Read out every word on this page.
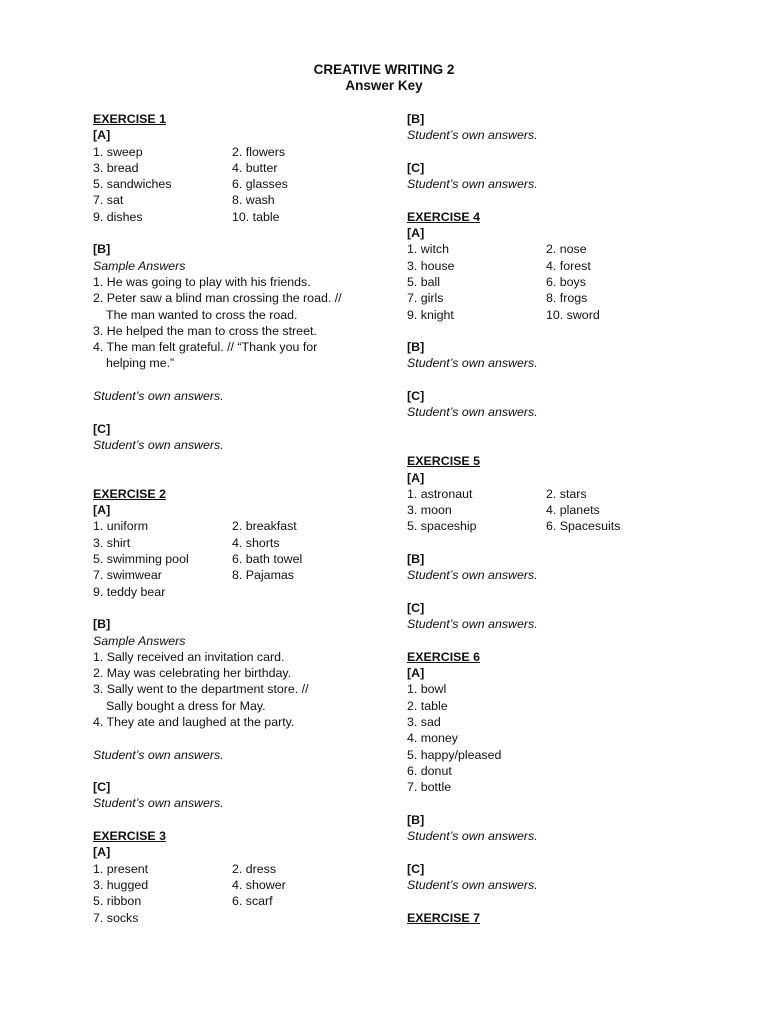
CREATIVE WRITING 2
Answer Key
EXERCISE 1
[A]
1. sweep	2. flowers
3. bread	4. butter
5. sandwiches	6. glasses
7. sat	8. wash
9. dishes	10. table
[B]
Sample Answers
1. He was going to play with his friends.
2. Peter saw a blind man crossing the road. //
The man wanted to cross the road.
3. He helped the man to cross the street.
4. The man felt grateful. // “Thank you for
helping me.”
Student’s own answers.
[C]
Student’s own answers.
EXERCISE 2
[A]
1. uniform	2. breakfast
3. shirt	4. shorts
5. swimming pool	6. bath towel
7. swimwear	8. Pajamas
9. teddy bear
[B]
Sample Answers
1. Sally received an invitation card.
2. May was celebrating her birthday.
3. Sally went to the department store. //
Sally bought a dress for May.
4. They ate and laughed at the party.
Student’s own answers.
[C]
Student’s own answers.
EXERCISE 3
[A]
1. present	2. dress
3. hugged	4. shower
5. ribbon	6. scarf
7. socks
[B]
Student’s own answers.
[C]
Student’s own answers.
EXERCISE 4
[A]
1. witch	2. nose
3. house	4. forest
5. ball	6. boys
7. girls	8. frogs
9. knight	10. sword
[B]
Student’s own answers.
[C]
Student’s own answers.
EXERCISE 5
[A]
1. astronaut	2. stars
3. moon	4. planets
5. spaceship	6. Spacesuits
[B]
Student’s own answers.
[C]
Student’s own answers.
EXERCISE 6
[A]
1. bowl
2. table
3. sad
4. money
5. happy/pleased
6. donut
7. bottle
[B]
Student’s own answers.
[C]
Student’s own answers.
EXERCISE 7
